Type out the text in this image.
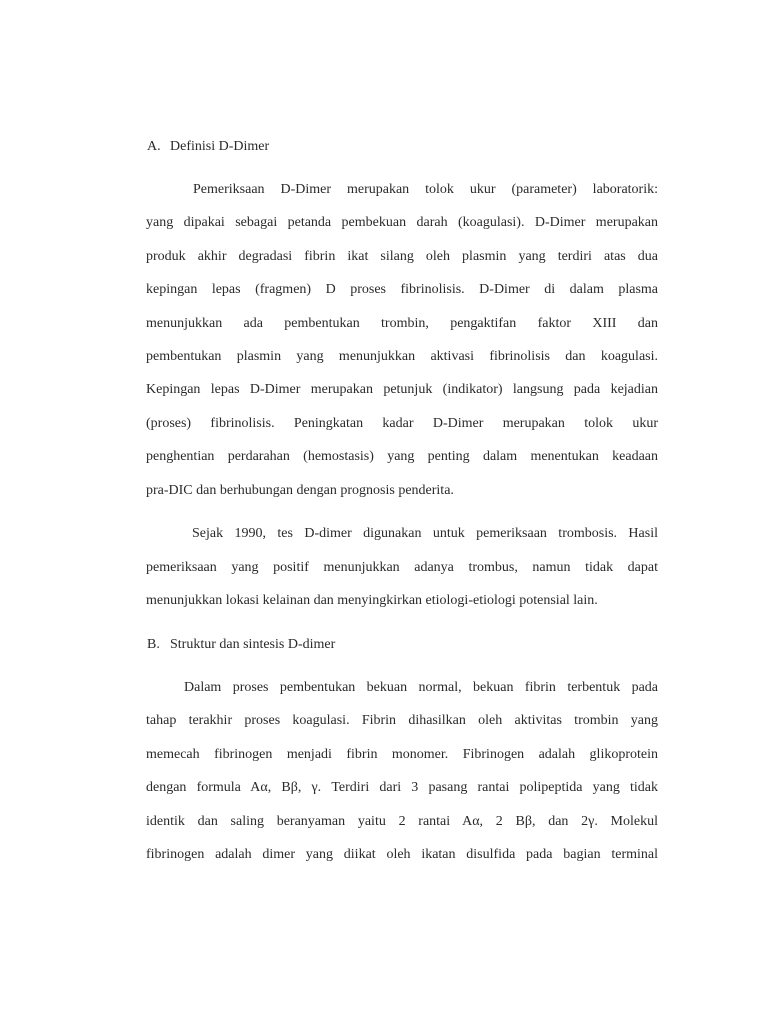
A. Definisi D-Dimer
Pemeriksaan D-Dimer merupakan tolok ukur (parameter) laboratorik:
yang dipakai sebagai petanda pembekuan darah (koagulasi). D-Dimer merupakan
produk akhir degradasi fibrin ikat silang oleh plasmin yang terdiri atas dua
kepingan lepas (fragmen) D proses fibrinolisis. D-Dimer di dalam plasma
menunjukkan ada pembentukan trombin, pengaktifan faktor XIII dan
pembentukan plasmin yang menunjukkan aktivasi fibrinolisis dan koagulasi.
Kepingan lepas D-Dimer merupakan petunjuk (indikator) langsung pada kejadian
(proses) fibrinolisis. Peningkatan kadar D-Dimer merupakan tolok ukur
penghentian perdarahan (hemostasis) yang penting dalam menentukan keadaan
pra-DIC dan berhubungan dengan prognosis penderita.
Sejak 1990, tes D-dimer digunakan untuk pemeriksaan trombosis. Hasil
pemeriksaan yang positif menunjukkan adanya trombus, namun tidak dapat
menunjukkan lokasi kelainan dan menyingkirkan etiologi-etiologi potensial lain.
B. Struktur dan sintesis D-dimer
Dalam proses pembentukan bekuan normal, bekuan fibrin terbentuk pada
tahap terakhir proses koagulasi. Fibrin dihasilkan oleh aktivitas trombin yang
memecah fibrinogen menjadi fibrin monomer. Fibrinogen adalah glikoprotein
dengan formula Aα, Bβ, γ. Terdiri dari 3 pasang rantai polipeptida yang tidak
identik dan saling beranyaman yaitu 2 rantai Aα, 2 Bβ, dan 2γ. Molekul
fibrinogen adalah dimer yang diikat oleh ikatan disulfida pada bagian terminal
